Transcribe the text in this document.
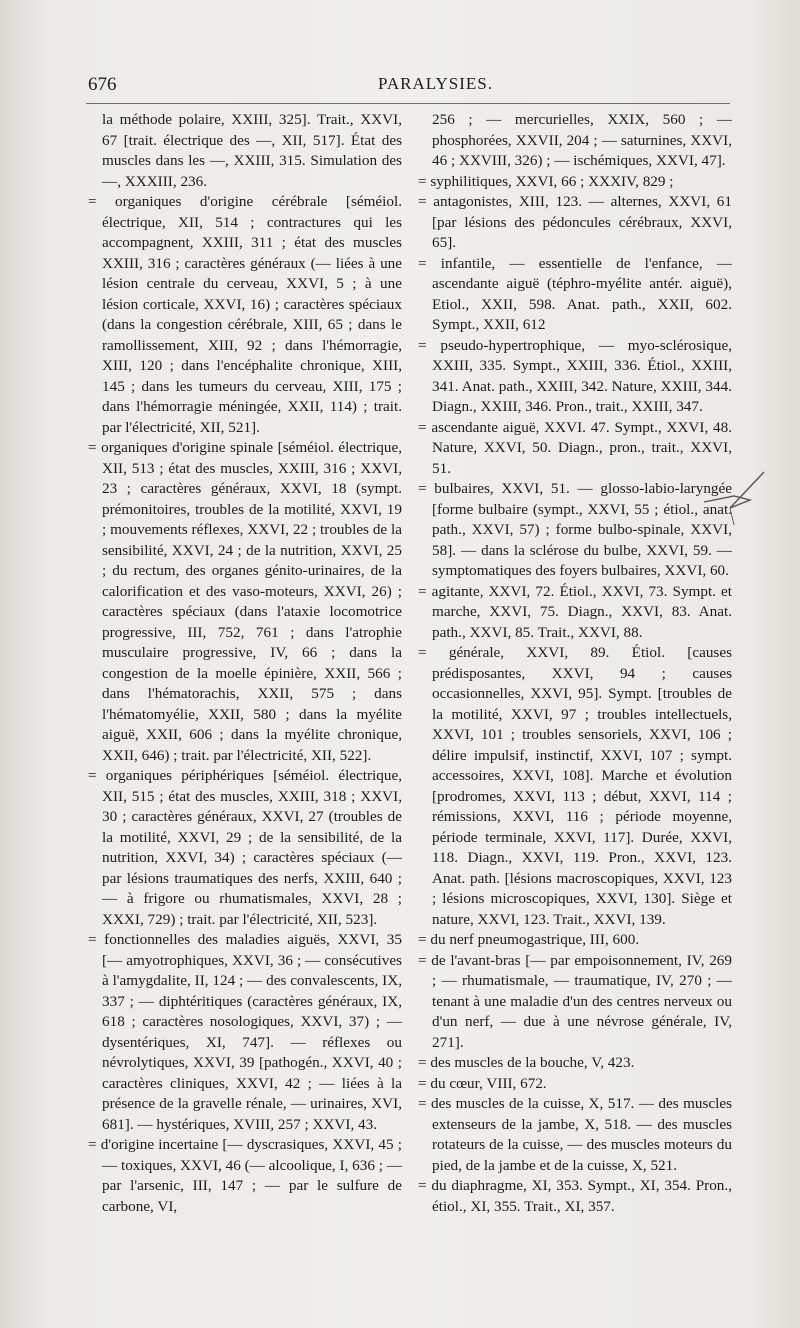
676	PARALYSIES.

la méthode polaire, XXIII, 325]. Trait., XXVI, 67 [trait. électrique des —, XII, 517]. État des muscles dans les —, XXIII, 315. Simulation des —, XXXIII, 236.

= organiques d'origine cérébrale [séméiol. électrique, XII, 514 ; contractures qui les accompagnent, XXIII, 311 ; état des muscles XXIII, 316 ; caractères généraux (— liées à une lésion centrale du cerveau, XXVI, 5 ; à une lésion corticale, XXVI, 16) ; caractères spéciaux (dans la congestion cérébrale, XIII, 65 ; dans le ramollissement, XIII, 92 ; dans l'hémorragie, XIII, 120 ; dans l'encéphalite chronique, XIII, 145 ; dans les tumeurs du cerveau, XIII, 175 ; dans l'hémorragie méningée, XXII, 114) ; trait. par l'électricité, XII, 521].

= organiques d'origine spinale [séméiol. électrique, XII, 513 ; état des muscles, XXIII, 316 ; XXVI, 23 ; caractères généraux, XXVI, 18 (sympt. prémonitoires, troubles de la motilité, XXVI, 19 ; mouvements réflexes, XXVI, 22 ; troubles de la sensibilité, XXVI, 24 ; de la nutrition, XXVI, 25 ; du rectum, des organes génito-urinaires, de la calorification et des vaso-moteurs, XXVI, 26) ; caractères spéciaux (dans l'ataxie locomotrice progressive, III, 752, 761 ; dans l'atrophie musculaire progressive, IV, 66 ; dans la congestion de la moelle épinière, XXII, 566 ; dans l'hématorachis, XXII, 575 ; dans l'hématomyélie, XXII, 580 ; dans la myélite aiguë, XXII, 606 ; dans la myélite chronique, XXII, 646) ; trait. par l'électricité, XII, 522].

= organiques périphériques [séméiol. électrique, XII, 515 ; état des muscles, XXIII, 318 ; XXVI, 30 ; caractères généraux, XXVI, 27 (troubles de la motilité, XXVI, 29 ; de la sensibilité, de la nutrition, XXVI, 34) ; caractères spéciaux (— par lésions traumatiques des nerfs, XXIII, 640 ; — à frigore ou rhumatismales, XXVI, 28 ; XXXI, 729) ; trait. par l'électricité, XII, 523].

= fonctionnelles des maladies aiguës, XXVI, 35 [— amyotrophiques, XXVI, 36 ; — consécutives à l'amygdalite, II, 124 ; — des convalescents, IX, 337 ; — diphtéritiques (caractères généraux, IX, 618 ; caractères nosologiques, XXVI, 37) ; — dysentériques, XI, 747]. — réflexes ou névrolytiques, XXVI, 39 [pathogén., XXVI, 40 ; caractères cliniques, XXVI, 42 ; — liées à la présence de la gravelle rénale, — urinaires, XVI, 681]. — hystériques, XVIII, 257 ; XXVI, 43.

= d'origine incertaine [— dyscrasiques, XXVI, 45 ; — toxiques, XXVI, 46 (— alcoolique, I, 636 ; — par l'arsenic, III, 147 ; — par le sulfure de carbone, VI,

256 ; — mercurielles, XXIX, 560 ; — phosphorées, XXVII, 204 ; — saturnines, XXVI, 46 ; XXVIII, 326) ; — ischémiques, XXVI, 47].

= syphilitiques, XXVI, 66 ; XXXIV, 829 ;

= antagonistes, XIII, 123. — alternes, XXVI, 61 [par lésions des pédoncules cérébraux, XXVI, 65].

= infantile, — essentielle de l'enfance, — ascendante aiguë (téphro-myélite antér. aiguë), Etiol., XXII, 598. Anat. path., XXII, 602. Sympt., XXII, 612

= pseudo-hypertrophique, — myo-sclérosique, XXIII, 335. Sympt., XXIII, 336. Étiol., XXIII, 341. Anat. path., XXIII, 342. Nature, XXIII, 344. Diagn., XXIII, 346. Pron., trait., XXIII, 347.

= ascendante aiguë, XXVI. 47. Sympt., XXVI, 48. Nature, XXVI, 50. Diagn., pron., trait., XXVI, 51.

= bulbaires, XXVI, 51. — glosso-labio-laryngée [forme bulbaire (sympt., XXVI, 55 ; étiol., anat. path., XXVI, 57) ; forme bulbo-spinale, XXVI, 58]. — dans la sclérose du bulbe, XXVI, 59. — symptomatiques des foyers bulbaires, XXVI, 60.

= agitante, XXVI, 72. Étiol., XXVI, 73. Sympt. et marche, XXVI, 75. Diagn., XXVI, 83. Anat. path., XXVI, 85. Trait., XXVI, 88.

= générale, XXVI, 89. Étiol. [causes prédisposantes, XXVI, 94 ; causes occasionnelles, XXVI, 95]. Sympt. [troubles de la motilité, XXVI, 97 ; troubles intellectuels, XXVI, 101 ; troubles sensoriels, XXVI, 106 ; délire impulsif, instinctif, XXVI, 107 ; sympt. accessoires, XXVI, 108]. Marche et évolution [prodromes, XXVI, 113 ; début, XXVI, 114 ; rémissions, XXVI, 116 ; période moyenne, période terminale, XXVI, 117]. Durée, XXVI, 118. Diagn., XXVI, 119. Pron., XXVI, 123. Anat. path. [lésions macroscopiques, XXVI, 123 ; lésions microscopiques, XXVI, 130]. Siège et nature, XXVI, 123. Trait., XXVI, 139.

= du nerf pneumogastrique, III, 600.

= de l'avant-bras [— par empoisonnement, IV, 269 ; — rhumatismale, — traumatique, IV, 270 ; — tenant à une maladie d'un des centres nerveux ou d'un nerf, — due à une névrose générale, IV, 271].

= des muscles de la bouche, V, 423.

= du cœur, VIII, 672.

= des muscles de la cuisse, X, 517. — des muscles extenseurs de la jambe, X, 518. — des muscles rotateurs de la cuisse, — des muscles moteurs du pied, de la jambe et de la cuisse, X, 521.

= du diaphragme, XI, 353. Sympt., XI, 354. Pron., étiol., XI, 355. Trait., XI, 357.
